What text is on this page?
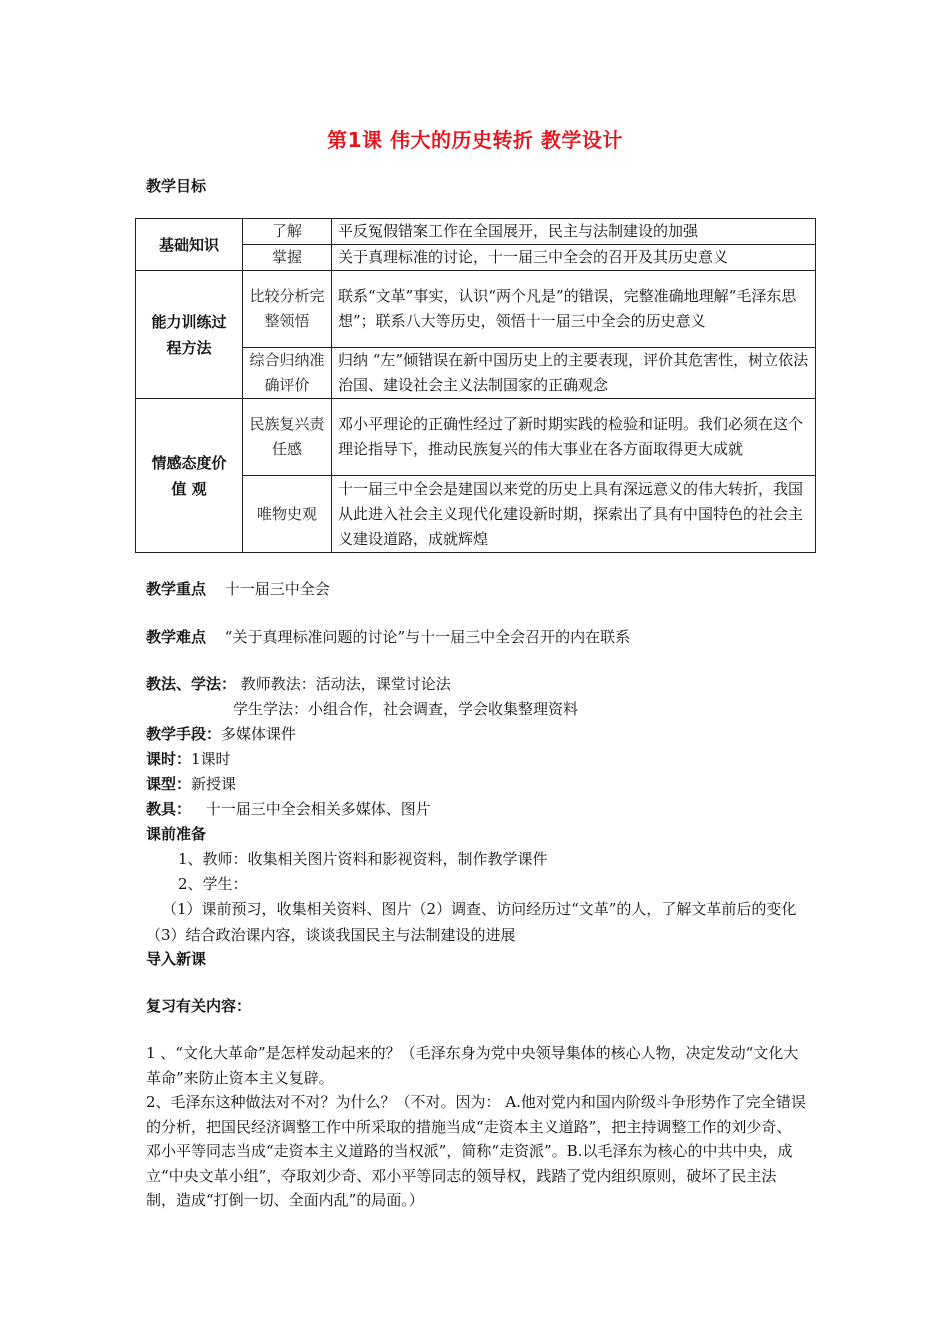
第1课 伟大的历史转折 教学设计
教学目标
基础知识	了解	平反冤假错案工作在全国展开，民主与法制建设的加强
	掌握	关于真理标准的讨论，十一届三中全会的召开及其历史意义
能力训练过程方法	比较分析完整领悟	联系“文革”事实，认识“两个凡是”的错误，完整准确地理解“毛泽东思想”；联系八大等历史，领悟十一届三中全会的历史意义
	综合归纳准确评价	归纳 “左”倾错误在新中国历史上的主要表现，评价其危害性，树立依法治国、建设社会主义法制国家的正确观念
情感态度价值 观	民族复兴责任感	邓小平理论的正确性经过了新时期实践的检验和证明。我们必须在这个理论指导下，推动民族复兴的伟大事业在各方面取得更大成就
	唯物史观	十一届三中全会是建国以来党的历史上具有深远意义的伟大转折，我国从此进入社会主义现代化建设新时期，探索出了具有中国特色的社会主义建设道路，成就辉煌
教学重点 十一届三中全会
教学难点 “关于真理标准问题的讨论”与十一届三中全会召开的内在联系
教法、学法： 教师教法：活动法，课堂讨论法
学生学法：小组合作，社会调查，学会收集整理资料
教学手段：多媒体课件
课时：1课时
课型：新授课
教具： 十一届三中全会相关多媒体、图片
课前准备
1、教师：收集相关图片资料和影视资料，制作教学课件
2、学生：
（1）课前预习，收集相关资料、图片（2）调查、访问经历过“文革”的人，了解文革前后的变化（3）结合政治课内容，谈谈我国民主与法制建设的进展
导入新课
复习有关内容：
1 、“文化大革命”是怎样发动起来的？（毛泽东身为党中央领导集体的核心人物，决定发动“文化大革命”来防止资本主义复辟。
2、毛泽东这种做法对不对？为什么？（不对。因为： A.他对党内和国内阶级斗争形势作了完全错误的分析，把国民经济调整工作中所采取的措施当成“走资本主义道路”，把主持调整工作的刘少奇、邓小平等同志当成“走资本主义道路的当权派”，简称“走资派”。B.以毛泽东为核心的中共中央，成立“中央文革小组”，夺取刘少奇、邓小平等同志的领导权，践踏了党内组织原则，破坏了民主法制，造成“打倒一切、全面内乱”的局面。）
